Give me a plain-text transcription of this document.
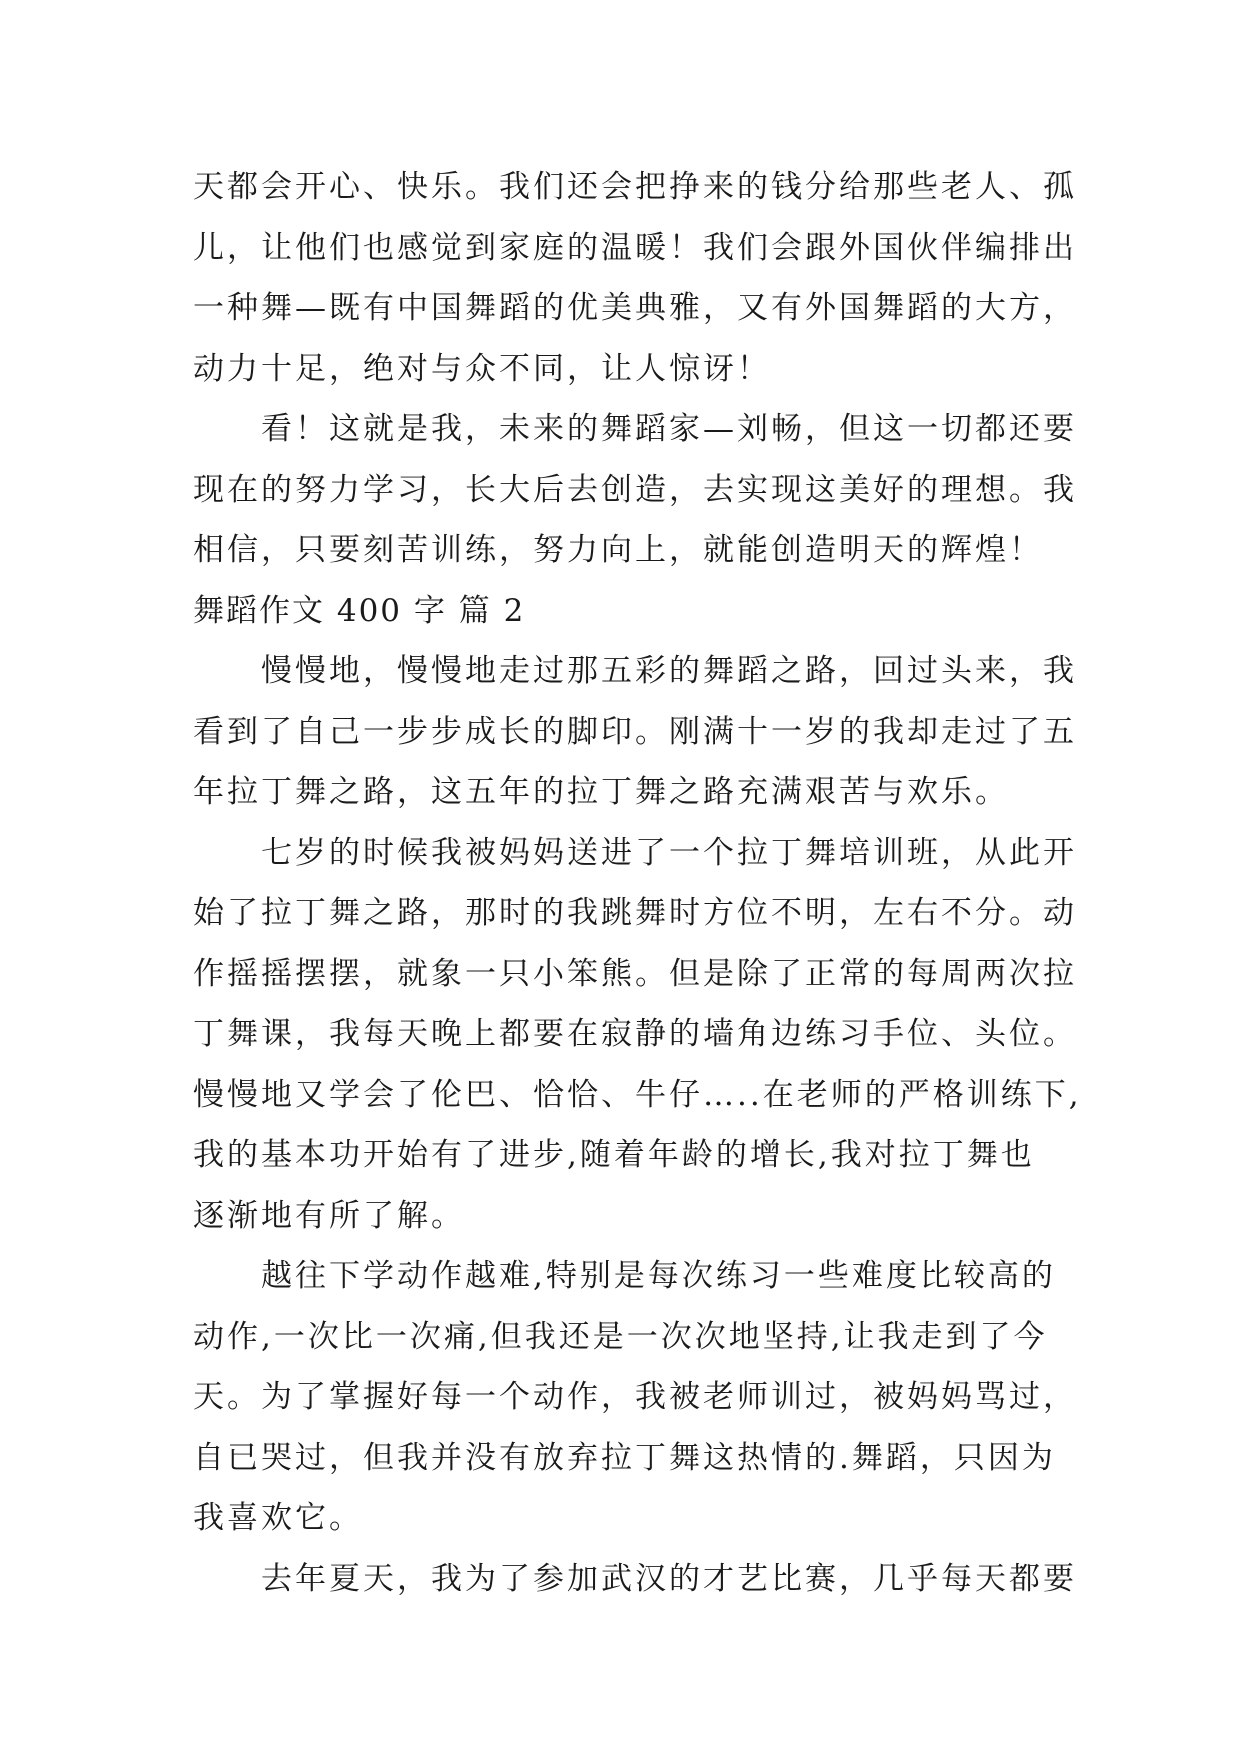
天都会开心、快乐。我们还会把挣来的钱分给那些老人、孤

儿，让他们也感觉到家庭的温暖！我们会跟外国伙伴编排出

一种舞—既有中国舞蹈的优美典雅，又有外国舞蹈的大方，

动力十足，绝对与众不同，让人惊讶！

看！这就是我，未来的舞蹈家—刘畅，但这一切都还要

现在的努力学习，长大后去创造，去实现这美好的理想。我

相信，只要刻苦训练，努力向上，就能创造明天的辉煌！

舞蹈作文 400 字 篇 2

慢慢地，慢慢地走过那五彩的舞蹈之路，回过头来，我

看到了自己一步步成长的脚印。刚满十一岁的我却走过了五

年拉丁舞之路，这五年的拉丁舞之路充满艰苦与欢乐。

七岁的时候我被妈妈送进了一个拉丁舞培训班，从此开

始了拉丁舞之路，那时的我跳舞时方位不明，左右不分。动

作摇摇摆摆，就象一只小笨熊。但是除了正常的每周两次拉

丁舞课，我每天晚上都要在寂静的墙角边练习手位、头位。

慢慢地又学会了伦巴、恰恰、牛仔…..在老师的严格训练下,

我的基本功开始有了进步,随着年龄的增长,我对拉丁舞也

逐渐地有所了解。

越往下学动作越难,特别是每次练习一些难度比较高的

动作,一次比一次痛,但我还是一次次地坚持,让我走到了今

天。为了掌握好每一个动作，我被老师训过，被妈妈骂过，

自已哭过，但我并没有放弃拉丁舞这热情的.舞蹈，只因为

我喜欢它。

去年夏天，我为了参加武汉的才艺比赛，几乎每天都要
